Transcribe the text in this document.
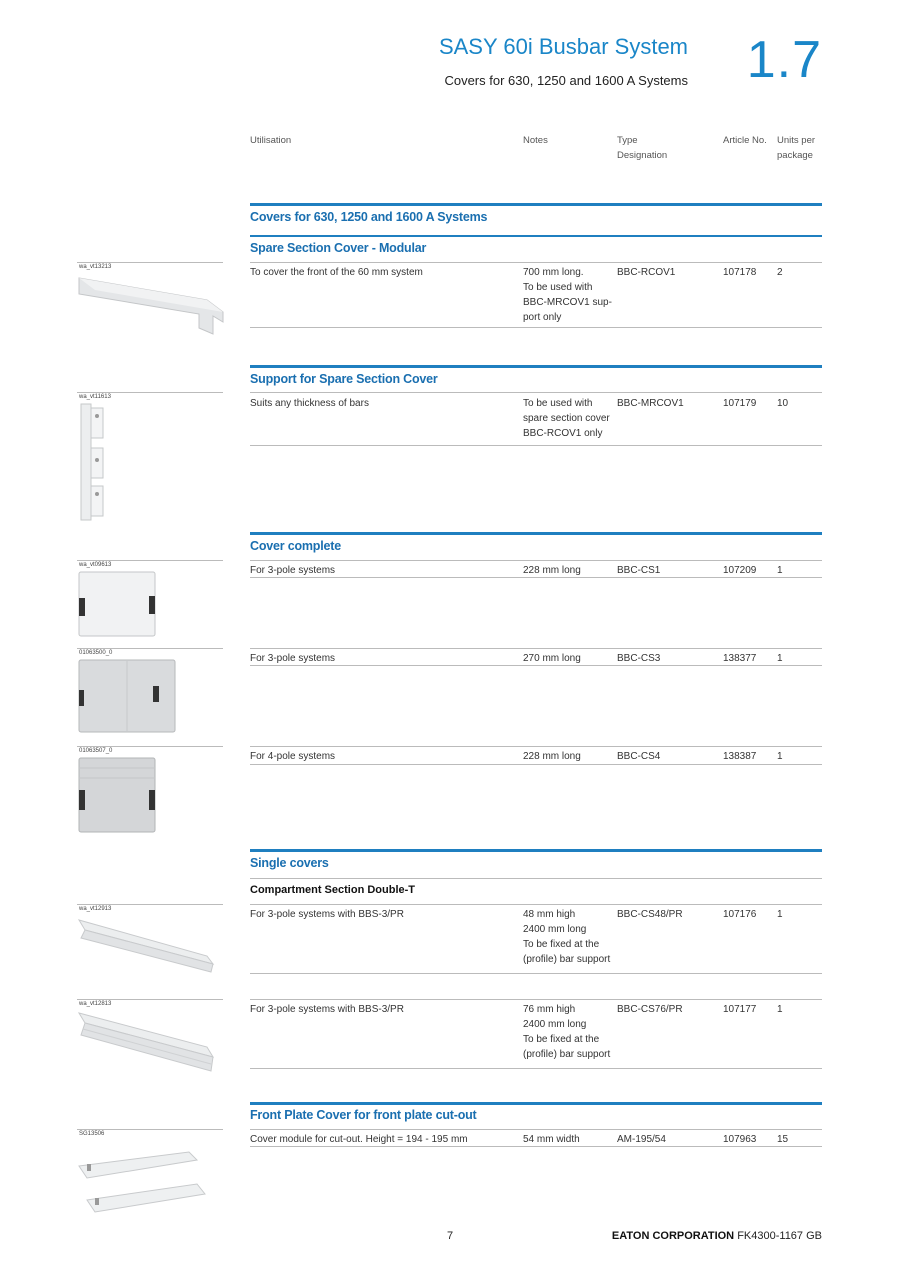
SASY 60i Busbar System
Covers for 630, 1250 and 1600 A Systems 1.7
Utilisation	Notes	Type
Designation
Article No. Units per
package
Covers for 630, 1250 and 1600 A Systems
Spare Section Cover - Modular
wa_vt13213	To cover the front of the 60 mm system	700 mm long.
To be used with
BBC-MRCOV1 sup-
port only
BBC-RCOV1	107178	2
Support for Spare Section Cover
wa_vt11613
Suits any thickness of bars	To be used with
spare section cover
BBC-RCOV1 only
BBC-MRCOV1	107179	10
Cover complete
wa_vt09613	For 3-pole systems	228 mm long	BBC-CS1	107209	1
01063500_0	For 3-pole systems	270 mm long	BBC-CS3	138377	1
01063507_0	For 4-pole systems	228 mm long	BBC-CS4	138387	1
Single covers
Compartment Section Double-T
wa_vt12913	For 3-pole systems with BBS-3/PR	48 mm high
2400 mm long
To be fixed at the
(profile) bar support
BBC-CS48/PR	107176	1
wa_vt12813	For 3-pole systems with BBS-3/PR	76 mm high
2400 mm long
To be fixed at the
(profile) bar support
BBC-CS76/PR	107177	1
Front Plate Cover for front plate cut-out
SG13506	Cover module for cut-out. Height = 194 - 195 mm	54 mm width	AM-195/54	107963	15
7	EATON CORPORATION FK4300-1167 GB
